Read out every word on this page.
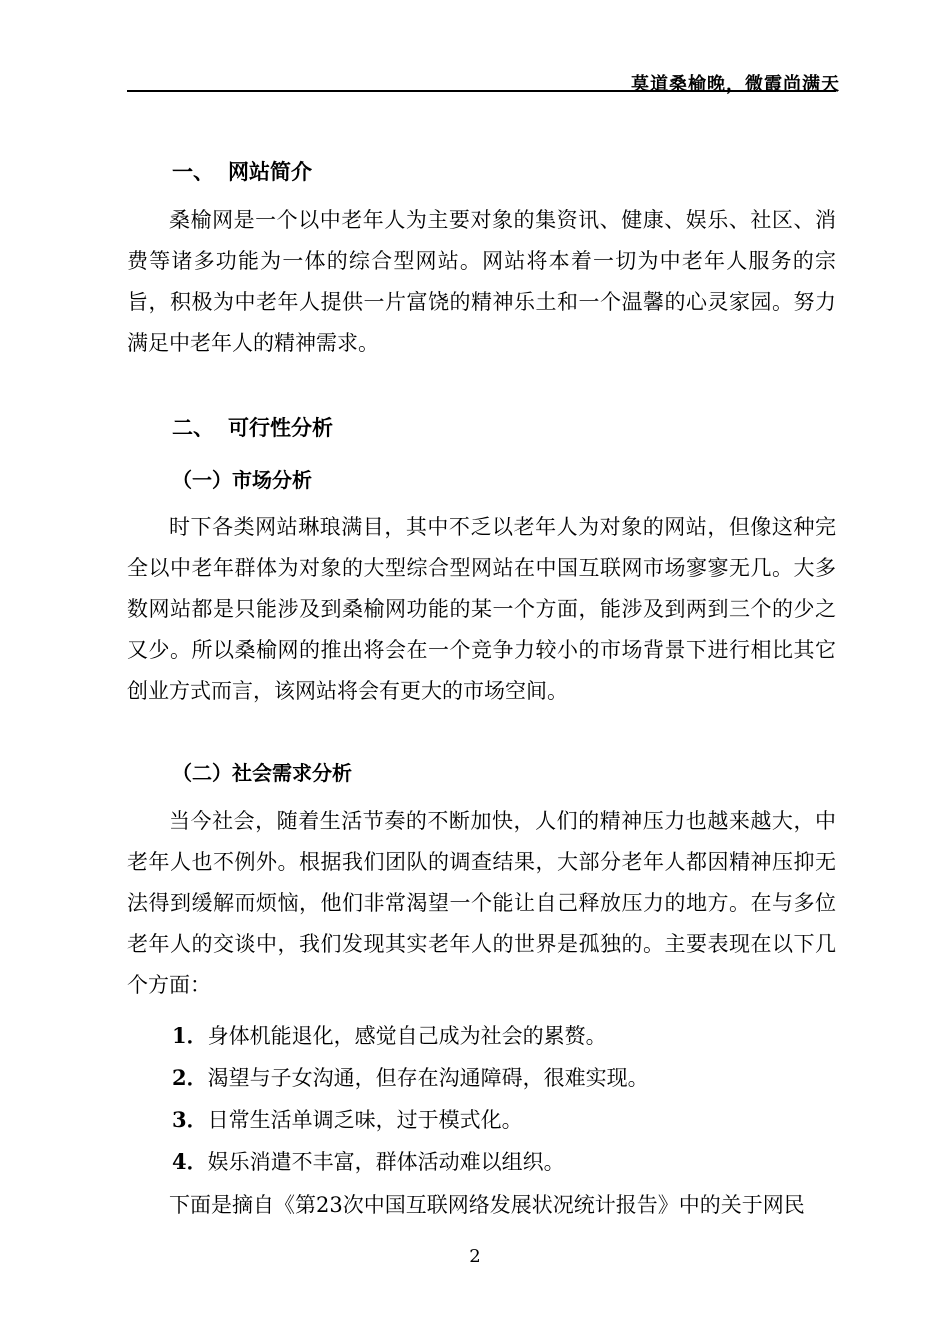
莫道桑榆晚，微霞尚满天
一、 网站简介

桑榆网是一个以中老年人为主要对象的集资讯、健康、娱乐、社区、消费等诸多功能为一体的综合型网站。网站将本着一切为中老年人服务的宗旨，积极为中老年人提供一片富饶的精神乐土和一个温馨的心灵家园。努力满足中老年人的精神需求。

二、 可行性分析
（一）市场分析

时下各类网站琳琅满目，其中不乏以老年人为对象的网站，但像这种完全以中老年群体为对象的大型综合型网站在中国互联网市场寥寥无几。大多数网站都是只能涉及到桑榆网功能的某一个方面，能涉及到两到三个的少之又少。所以桑榆网的推出将会在一个竞争力较小的市场背景下进行相比其它创业方式而言，该网站将会有更大的市场空间。

（二）社会需求分析

当今社会，随着生活节奏的不断加快，人们的精神压力也越来越大，中老年人也不例外。根据我们团队的调查结果，大部分老年人都因精神压抑无法得到缓解而烦恼，他们非常渴望一个能让自己释放压力的地方。在与多位老年人的交谈中，我们发现其实老年人的世界是孤独的。主要表现在以下几个方面：

1．身体机能退化，感觉自己成为社会的累赘。
2．渴望与子女沟通，但存在沟通障碍，很难实现。
3．日常生活单调乏味，过于模式化。
4．娱乐消遣不丰富，群体活动难以组织。

下面是摘自《第23次中国互联网络发展状况统计报告》中的关于网民

2
